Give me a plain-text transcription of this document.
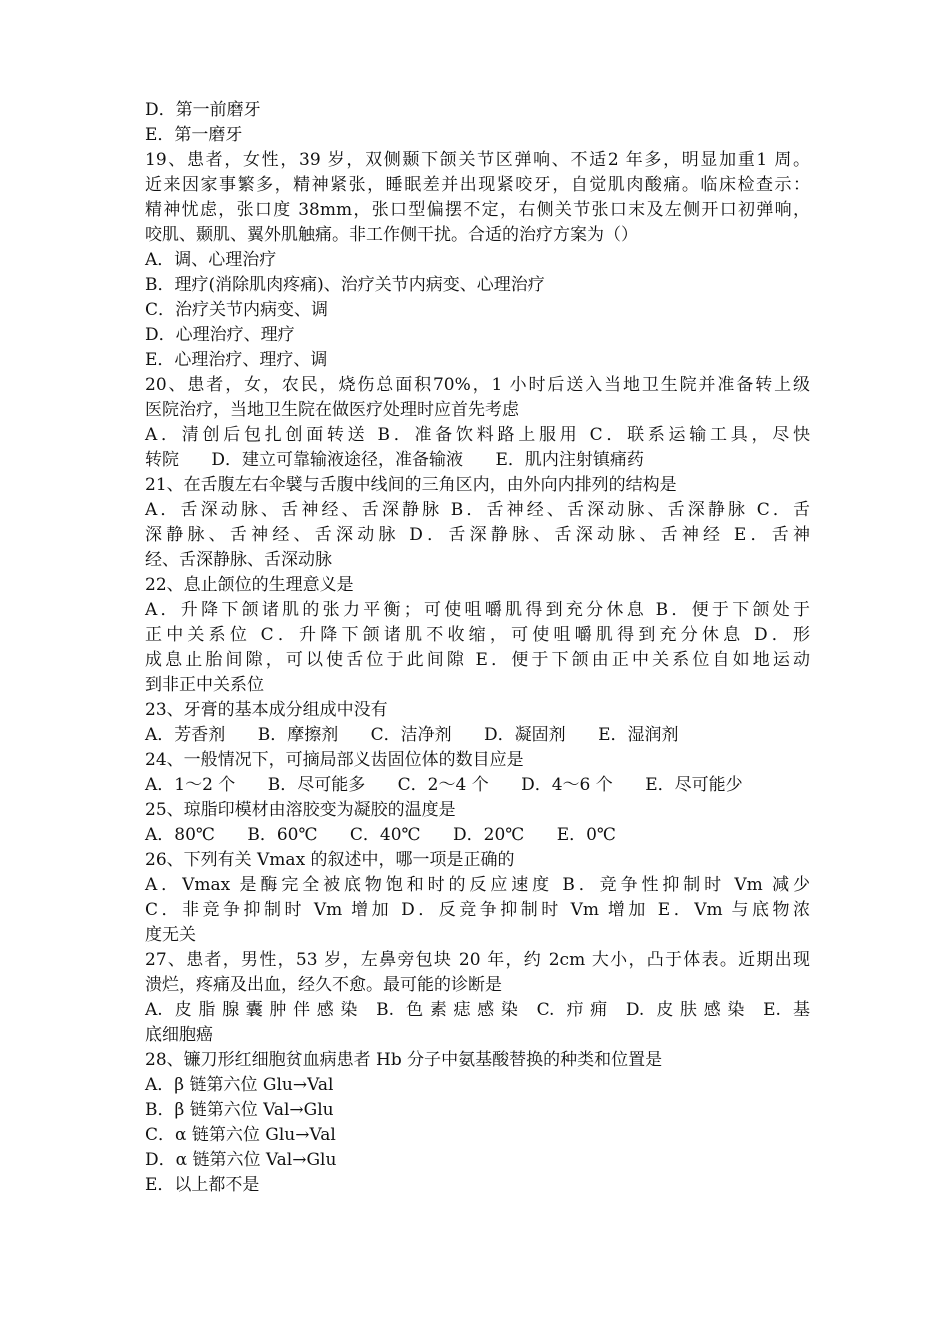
D．第一前磨牙
E．第一磨牙
19、患者，女性，39 岁，双侧颞下颌关节区弹响、不适2 年多，明显加重1 周。
近来因家事繁多，精神紧张，睡眠差并出现紧咬牙，自觉肌肉酸痛。临床检查示：
精神忧虑，张口度 38mm，张口型偏摆不定，右侧关节张口末及左侧开口初弹响，
咬肌、颞肌、翼外肌触痛。非工作侧干扰。合适的治疗方案为（）
A．调、心理治疗
B．理疗(消除肌肉疼痛)、治疗关节内病变、心理治疗
C．治疗关节内病变、调
D．心理治疗、理疗
E．心理治疗、理疗、调
20、患者，女，农民，烧伤总面积70%，1 小时后送入当地卫生院并准备转上级
医院治疗，当地卫生院在做医疗处理时应首先考虑
A．清创后包扎创面转送 B．准备饮料路上服用 C．联系运输工具，尽快
转院      D．建立可靠输液途径，准备输液      E．肌内注射镇痛药
21、在舌腹左右伞襞与舌腹中线间的三角区内，由外向内排列的结构是
A．舌深动脉、舌神经、舌深静脉 B．舌神经、舌深动脉、舌深静脉 C．舌
深静脉、舌神经、舌深动脉 D．舌深静脉、舌深动脉、舌神经 E．舌神
经、舌深静脉、舌深动脉
22、息止颌位的生理意义是
A．升降下颌诸肌的张力平衡；可使咀嚼肌得到充分休息 B．便于下颌处于
正中关系位 C．升降下颌诸肌不收缩，可使咀嚼肌得到充分休息 D．形
成息止胎间隙，可以使舌位于此间隙 E．便于下颌由正中关系位自如地运动
到非正中关系位
23、牙膏的基本成分组成中没有
A．芳香剂      B．摩擦剂      C．洁净剂      D．凝固剂      E．湿润剂
24、一般情况下，可摘局部义齿固位体的数目应是
A．1～2 个      B．尽可能多      C．2～4 个      D．4～6 个      E．尽可能少
25、琼脂印模材由溶胶变为凝胶的温度是
A．80℃      B．60℃      C．40℃      D．20℃      E．0℃
26、下列有关 Vmax 的叙述中，哪一项是正确的
A．Vmax 是酶完全被底物饱和时的反应速度 B．竞争性抑制时 Vm 减少
C．非竞争抑制时 Vm 增加 D．反竞争抑制时 Vm 增加 E．Vm 与底物浓
度无关
27、患者，男性，53 岁，左鼻旁包块 20 年，约 2cm 大小，凸于体表。近期出现
溃烂，疼痛及出血，经久不愈。最可能的诊断是
A. 皮脂腺囊肿伴感染 B. 色素痣感染 C. 疖痈 D. 皮肤感染 E. 基
底细胞癌
28、镰刀形红细胞贫血病患者 Hb 分子中氨基酸替换的种类和位置是
A．β 链第六位 Glu→Val
B．β 链第六位 Val→Glu
C．α 链第六位 Glu→Val
D．α 链第六位 Val→Glu
E．以上都不是
